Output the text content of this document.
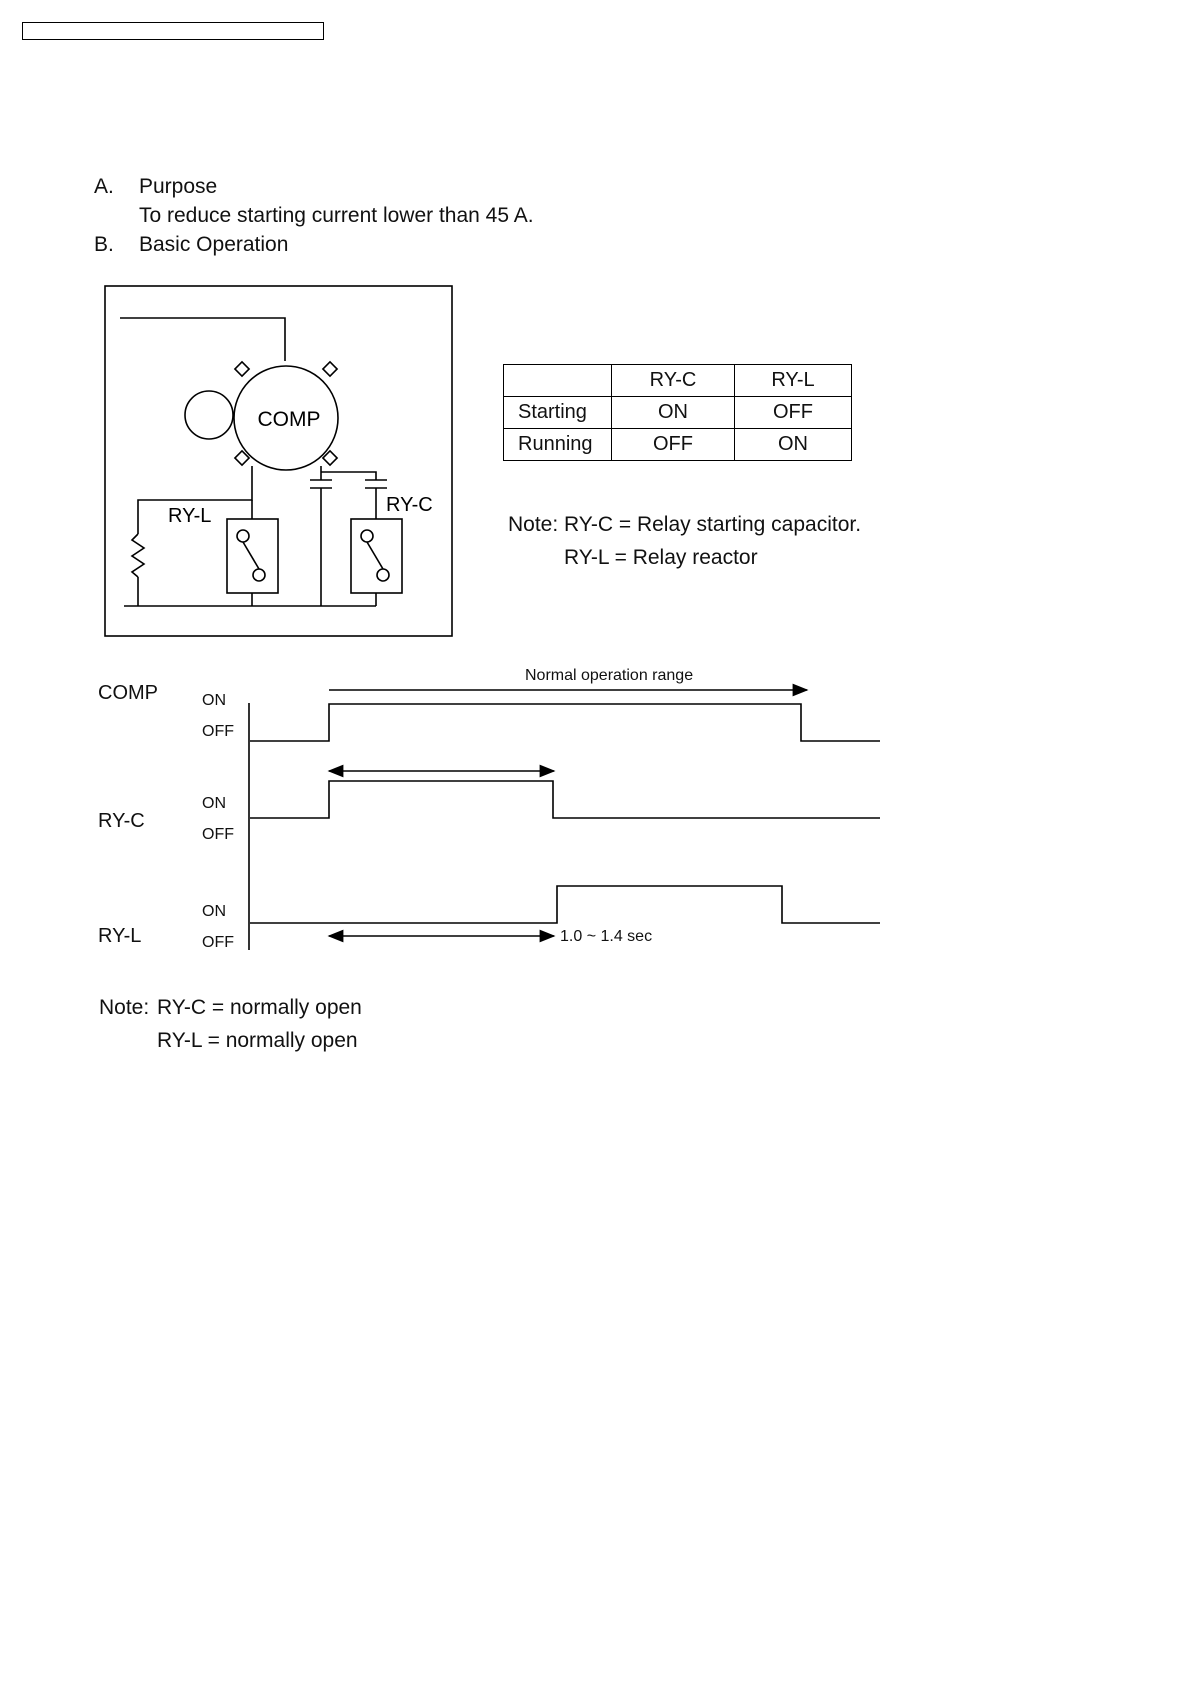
A. Purpose
To reduce starting current lower than 45 A.
B. Basic Operation
COMP
RY-L	RY-C
	RY-C	RY-L
Starting	ON	OFF
Running	OFF	ON
Note: RY-C = Relay starting capacitor.
RY-L = Relay reactor
Normal operation range
COMP	ON
OFF
RY-C
ON
OFF
RY-L
ON
OFF	1.0 ~ 1.4 sec
Note: RY-C = normally open
RY-L = normally open
